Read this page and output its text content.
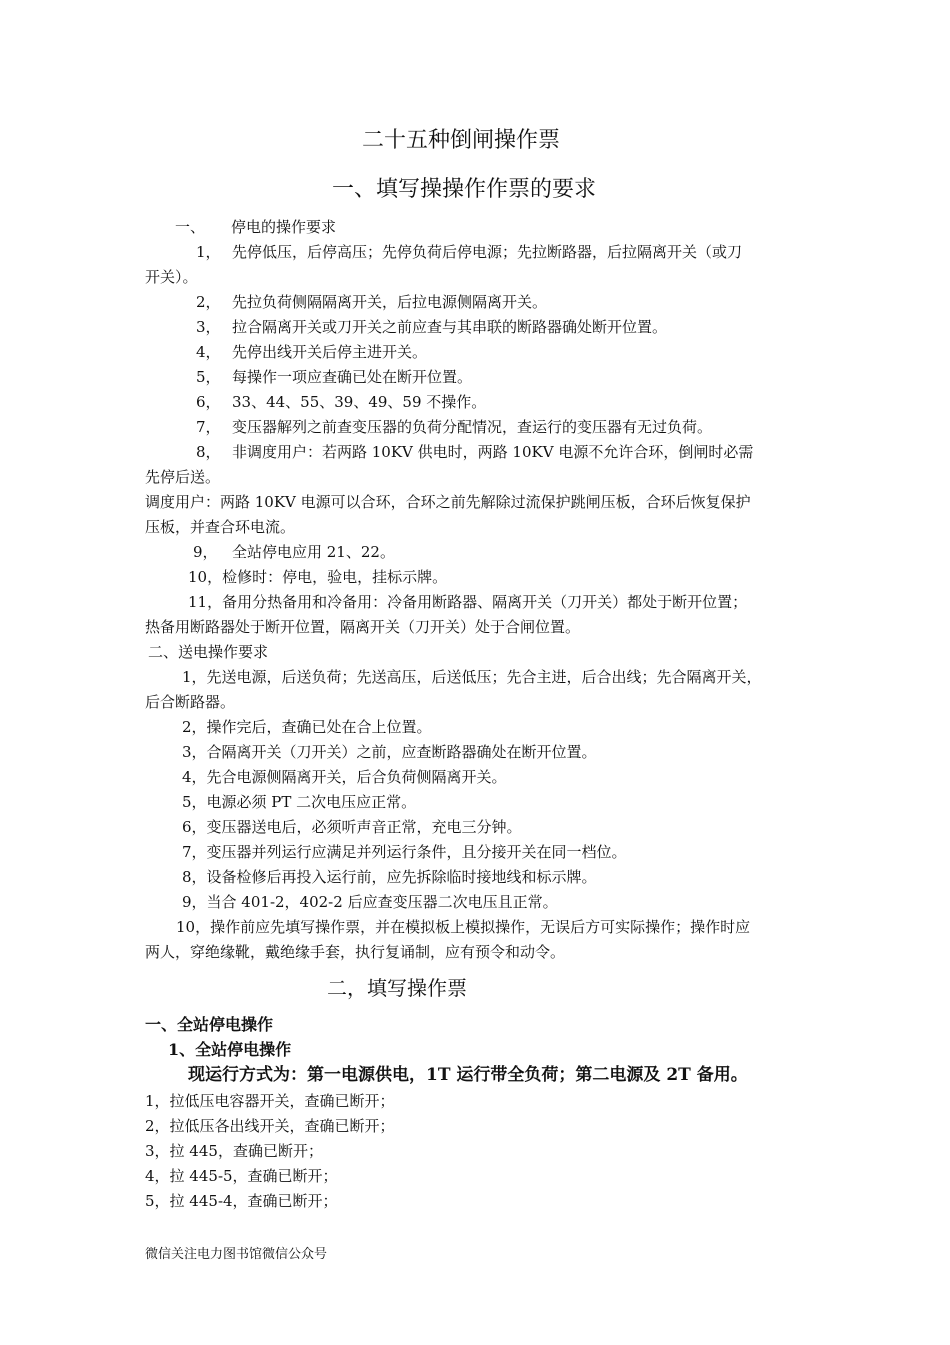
二十五种倒闸操作票
一、填写操操作作票的要求
一、 停电的操作要求
1， 先停低压，后停高压；先停负荷后停电源；先拉断路器，后拉隔离开关（或刀
开关）。
2， 先拉负荷侧隔隔离开关，后拉电源侧隔离开关。
3， 拉合隔离开关或刀开关之前应查与其串联的断路器确处断开位置。
4， 先停出线开关后停主进开关。
5， 每操作一项应查确已处在断开位置。
6， 33、44、55、39、49、59 不操作。
7， 变压器解列之前查变压器的负荷分配情况，查运行的变压器有无过负荷。
8， 非调度用户：若两路 10KV 供电时，两路 10KV 电源不允许合环，倒闸时必需
先停后送。
调度用户：两路 10KV 电源可以合环，合环之前先解除过流保护跳闸压板，合环后恢复保护
压板，并查合环电流。
9， 全站停电应用 21、22。
10，检修时：停电，验电，挂标示牌。
11，备用分热备用和冷备用：冷备用断路器、隔离开关（刀开关）都处于断开位置；
热备用断路器处于断开位置，隔离开关（刀开关）处于合闸位置。
二、送电操作要求
1，先送电源，后送负荷；先送高压，后送低压；先合主进，后合出线；先合隔离开关，
后合断路器。
2，操作完后，查确已处在合上位置。
3，合隔离开关（刀开关）之前，应查断路器确处在断开位置。
4，先合电源侧隔离开关，后合负荷侧隔离开关。
5，电源必须 PT 二次电压应正常。
6，变压器送电后，必须听声音正常，充电三分钟。
7，变压器并列运行应满足并列运行条件，且分接开关在同一档位。
8，设备检修后再投入运行前，应先拆除临时接地线和标示牌。
9，当合 401-2，402-2 后应查变压器二次电压且正常。
10，操作前应先填写操作票，并在模拟板上模拟操作，无误后方可实际操作；操作时应
两人，穿绝缘靴，戴绝缘手套，执行复诵制，应有预令和动令。
二，填写操作票
一、全站停电操作
1、全站停电操作
现运行方式为：第一电源供电，1T 运行带全负荷；第二电源及 2T 备用。
1，拉低压电容器开关，查确已断开；
2，拉低压各出线开关，查确已断开；
3，拉 445，查确已断开；
4，拉 445-5，查确已断开；
5，拉 445-4，查确已断开；
微信关注电力图书馆微信公众号
